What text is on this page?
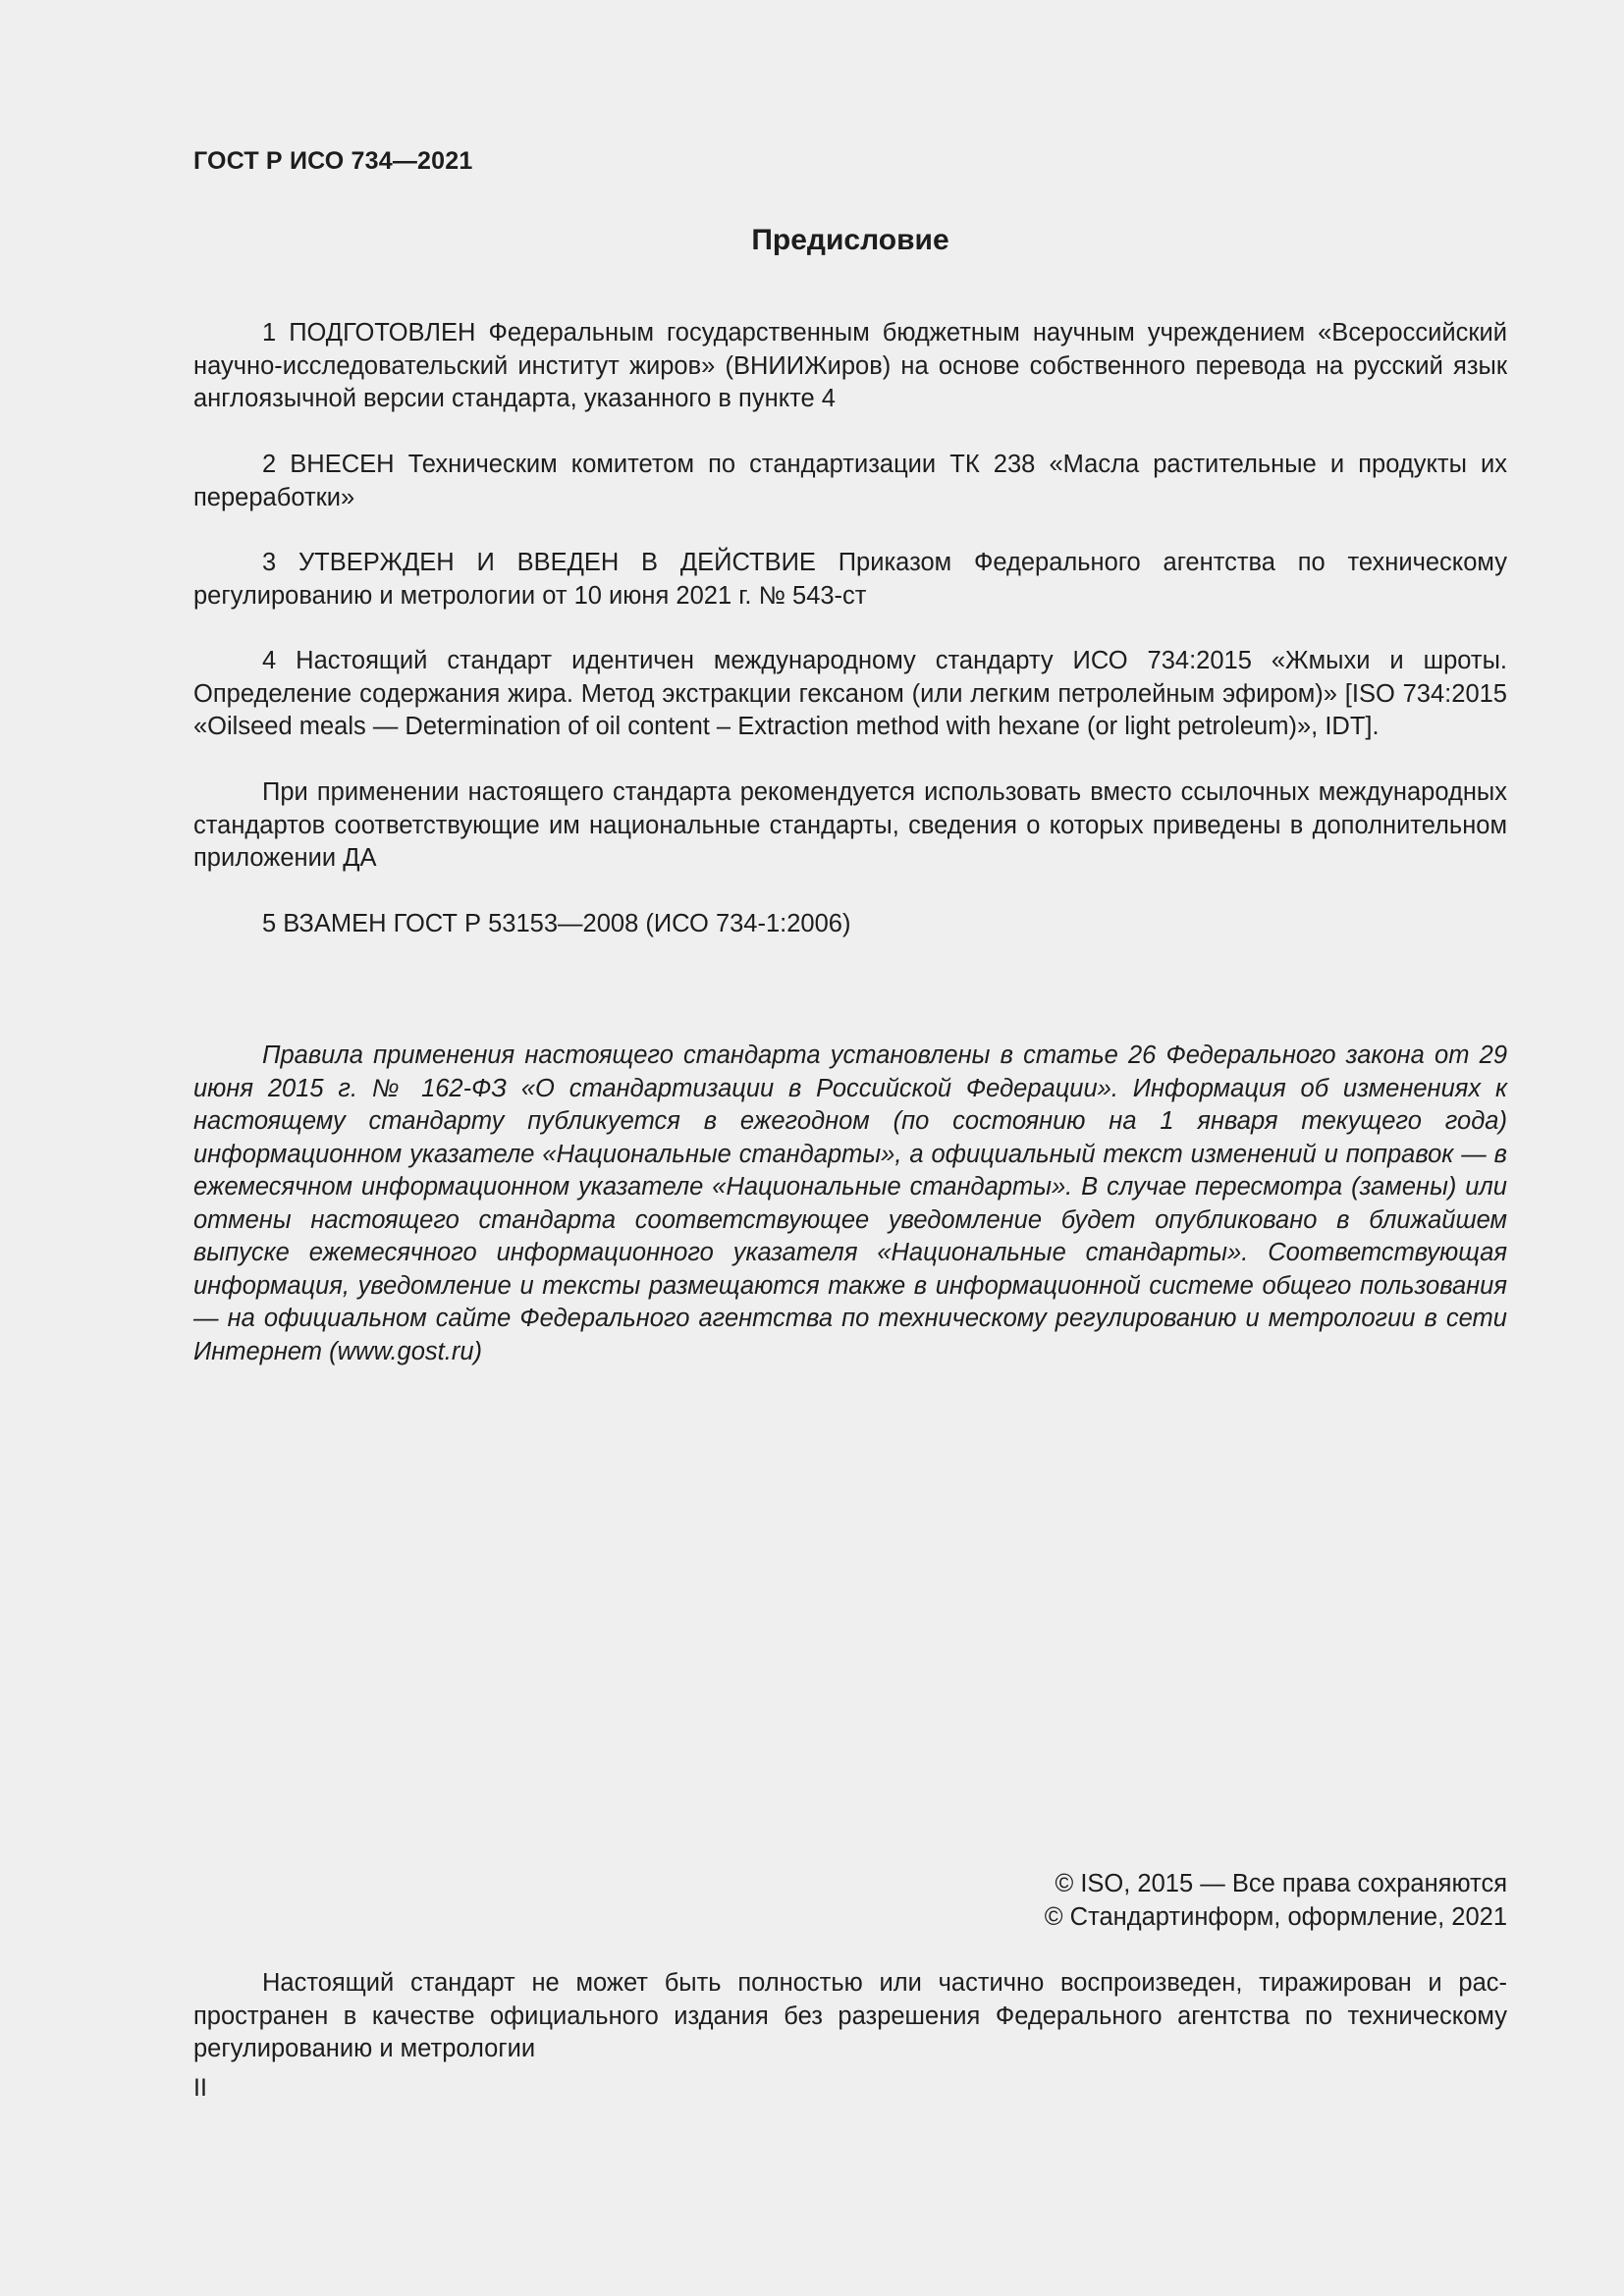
ГОСТ Р ИСО 734—2021
Предисловие

1 ПОДГОТОВЛЕН Федеральным государственным бюджетным научным учреждением «Всероссийский научно-исследовательский институт жиров» (ВНИИЖиров) на основе собственного перевода на русский язык англоязычной версии стандарта, указанного в пункте 4

2 ВНЕСЕН Техническим комитетом по стандартизации ТК 238 «Масла растительные и продукты их переработки»

3 УТВЕРЖДЕН И ВВЕДЕН В ДЕЙСТВИЕ Приказом Федерального агентства по техническому регулированию и метрологии от 10 июня 2021 г. № 543-ст

4 Настоящий стандарт идентичен международному стандарту ИСО 734:2015 «Жмыхи и шроты. Определение содержания жира. Метод экстракции гексаном (или легким петролейным эфиром)» [ISO 734:2015 «Oilseed meals — Determination of oil content – Extraction method with hexane (or light petroleum)», IDT].

При применении настоящего стандарта рекомендуется использовать вместо ссылочных международных стандартов соответствующие им национальные стандарты, сведения о которых приведены в дополнительном приложении ДА

5 ВЗАМЕН ГОСТ Р 53153—2008 (ИСО 734-1:2006)

Правила применения настоящего стандарта установлены в статье 26 Федерального закона от 29 июня 2015 г. № 162-ФЗ «О стандартизации в Российской Федерации». Информация об изменениях к настоящему стандарту публикуется в ежегодном (по состоянию на 1 января текущего года) информационном указателе «Национальные стандарты», а официальный текст изменений и поправок — в ежемесячном информационном указателе «Национальные стандарты». В случае пересмотра (замены) или отмены настоящего стандарта соответствующее уведомление будет опубликовано в ближайшем выпуске ежемесячного информационного указателя «Национальные стандарты». Соответствующая информация, уведомление и тексты размещаются также в информационной системе общего пользования — на официальном сайте Федерального агентства по техническому регулированию и метрологии в сети Интернет (www.gost.ru)

© ISO, 2015 — Все права сохраняются
© Стандартинформ, оформление, 2021

Настоящий стандарт не может быть полностью или частично воспроизведен, тиражирован и распространен в качестве официального издания без разрешения Федерального агентства по техническому регулированию и метрологии

II
